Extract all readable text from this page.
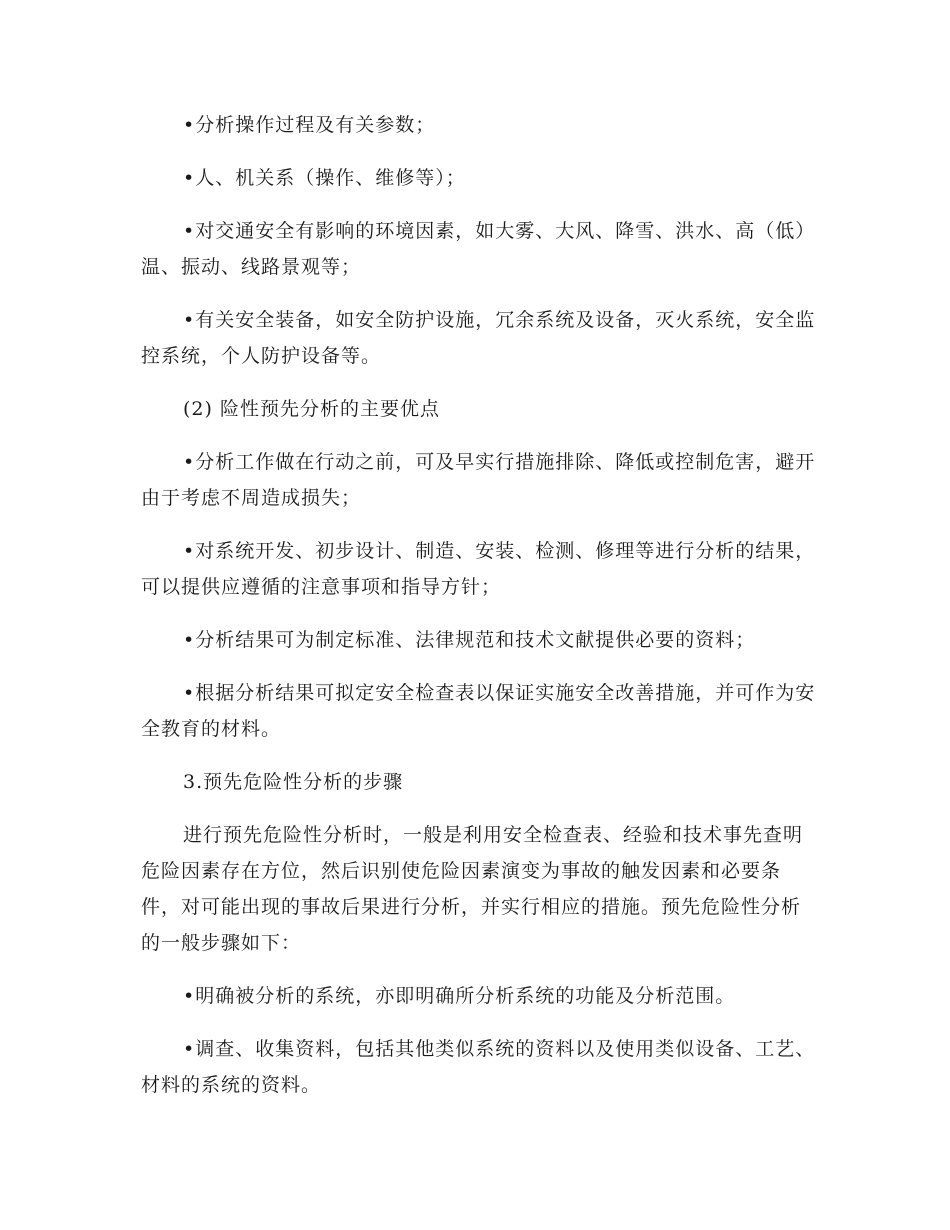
•分析操作过程及有关参数；

•人、机关系（操作、维修等）；

•对交通安全有影响的环境因素，如大雾、大风、降雪、洪水、高（低）温、振动、线路景观等；

•有关安全装备，如安全防护设施，冗余系统及设备，灭火系统，安全监控系统，个人防护设备等。

(2) 险性预先分析的主要优点

•分析工作做在行动之前，可及早实行措施排除、降低或控制危害，避开由于考虑不周造成损失；

•对系统开发、初步设计、制造、安装、检测、修理等进行分析的结果，可以提供应遵循的注意事项和指导方针；

•分析结果可为制定标准、法律规范和技术文献提供必要的资料；

•根据分析结果可拟定安全检查表以保证实施安全改善措施，并可作为安全教育的材料。

3.预先危险性分析的步骤

进行预先危险性分析时，一般是利用安全检查表、经验和技术事先查明危险因素存在方位，然后识别使危险因素演变为事故的触发因素和必要条件，对可能出现的事故后果进行分析，并实行相应的措施。预先危险性分析的一般步骤如下：

•明确被分析的系统，亦即明确所分析系统的功能及分析范围。

•调查、收集资料，包括其他类似系统的资料以及使用类似设备、工艺、材料的系统的资料。
